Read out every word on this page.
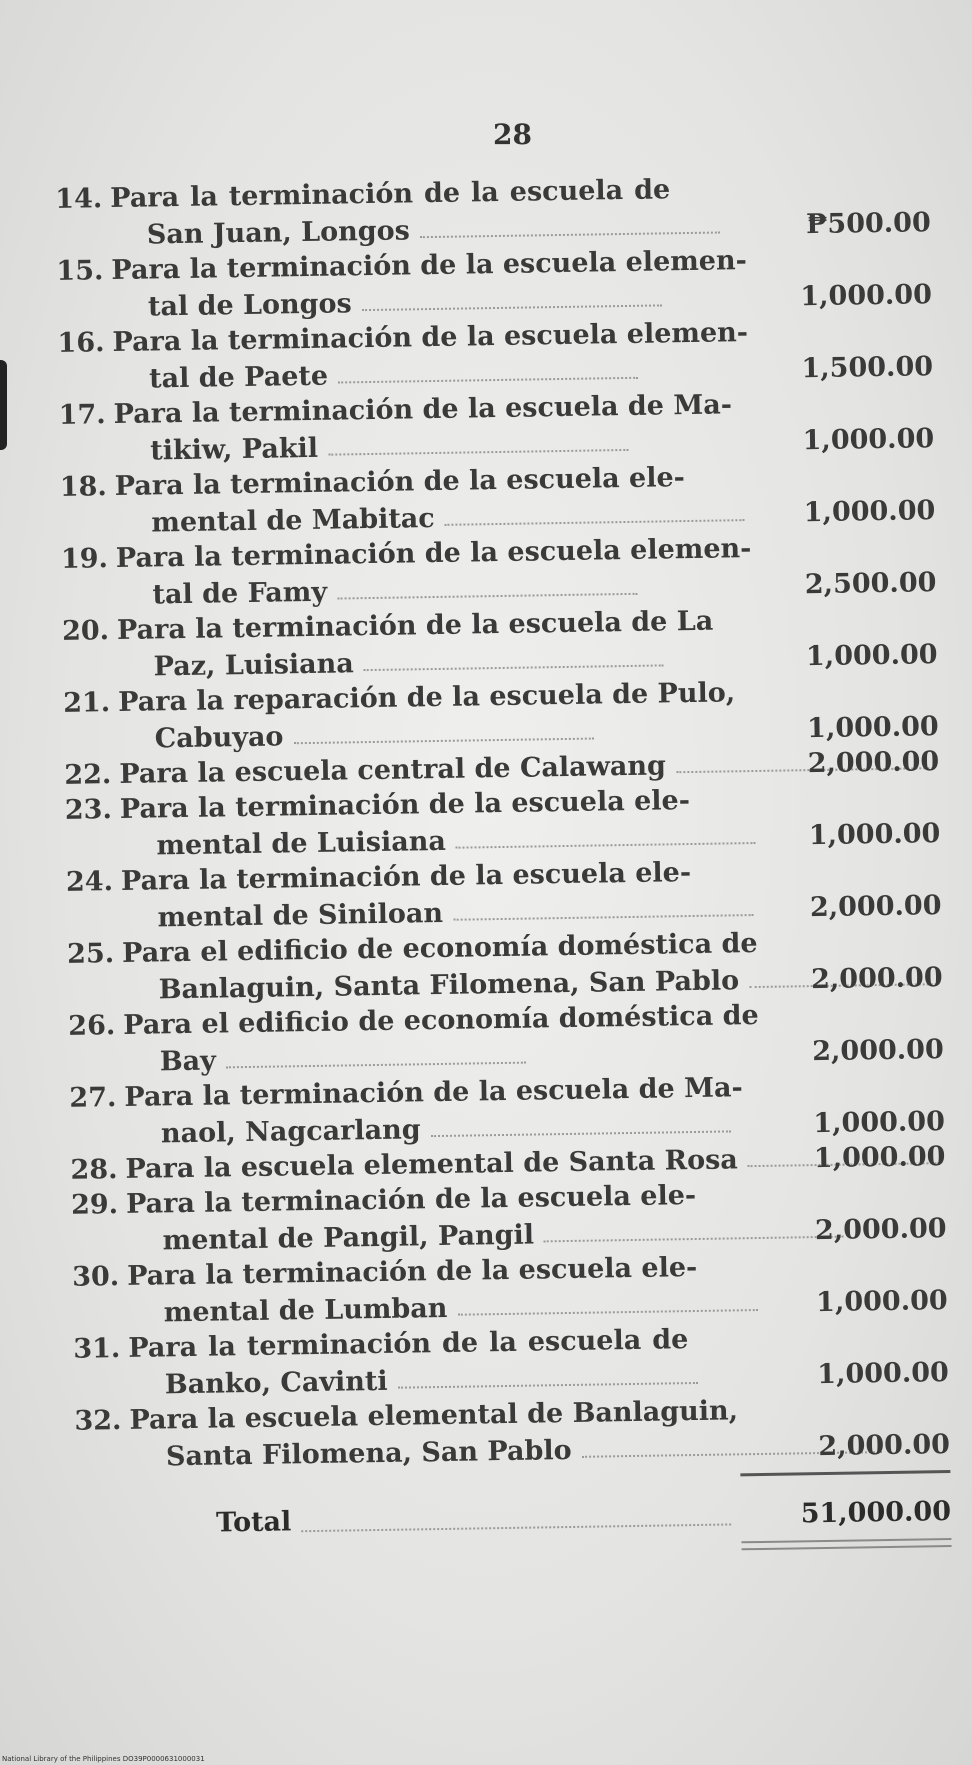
28
14. Para la terminación de la escuela de
San Juan, Longos	₱500.00
15. Para la terminación de la escuela elemen-
tal de Longos	1,000.00
16. Para la terminación de la escuela elemen-
tal de Paete	1,500.00
17. Para la terminación de la escuela de Ma-
tikiw, Pakil	1,000.00
18. Para la terminación de la escuela ele-
mental de Mabitac	1,000.00
19. Para la terminación de la escuela elemen-
tal de Famy	2,500.00
20. Para la terminación de la escuela de La
Paz, Luisiana	1,000.00
21. Para la reparación de la escuela de Pulo,
Cabuyao	1,000.00
22. Para la escuela central de Calawang	2,000.00
23. Para la terminación de la escuela ele-
mental de Luisiana	1,000.00
24. Para la terminación de la escuela ele-
mental de Siniloan	2,000.00
25. Para el edificio de economía doméstica de
Banlaguin, Santa Filomena, San Pablo	2,000.00
26. Para el edificio de economía doméstica de
Bay	2,000.00
27. Para la terminación de la escuela de Ma-
naol, Nagcarlang	1,000.00
28. Para la escuela elemental de Santa Rosa	1,000.00
29. Para la terminación de la escuela ele-
mental de Pangil, Pangil	2,000.00
30. Para la terminación de la escuela ele-
mental de Lumban	1,000.00
31. Para la terminación de la escuela de
Banko, Cavinti	1,000.00
32. Para la escuela elemental de Banlaguin,
Santa Filomena, San Pablo	2,000.00
Total	51,000.00
National Library of the Philippines DO39P0000631000031
